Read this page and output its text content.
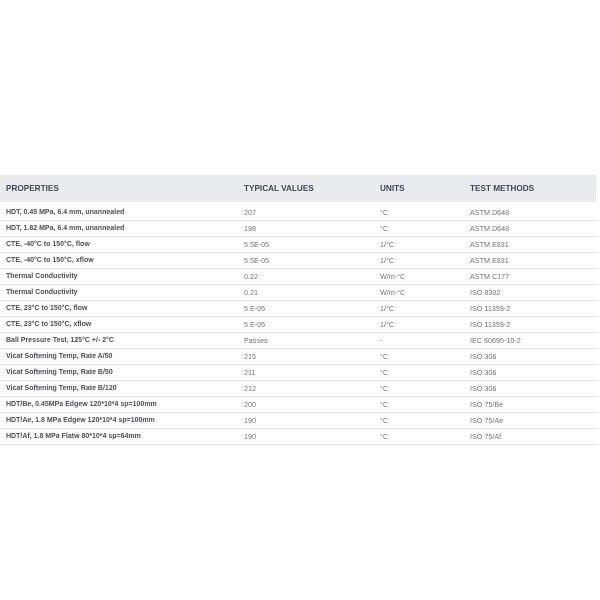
PROPERTIES	TYPICAL VALUES	UNITS	TEST METHODS
HDT, 0.45 MPa, 6.4 mm, unannealed	207	°C	ASTM D648
HDT, 1.82 MPa, 6.4 mm, unannealed	198	°C	ASTM D648
CTE, -40°C to 150°C, flow	5.5E-05	1/°C	ASTM E831
CTE, -40°C to 150°C, xflow	5.5E-05	1/°C	ASTM E831
Thermal Conductivity	0.22	W/m-°C	ASTM C177
Thermal Conductivity	0.21	W/m-°C	ISO 8302
CTE, 23°C to 150°C, flow	5.E-05	1/°C	ISO 11359-2
CTE, 23°C to 150°C, xflow	5.E-05	1/°C	ISO 11359-2
Ball Pressure Test, 125°C +/- 2°C	Passes	-	IEC 60695-10-2
Vicat Softening Temp, Rate A/50	215	°C	ISO 306
Vicat Softening Temp, Rate B/50	211	°C	ISO 306
Vicat Softening Temp, Rate B/120	212	°C	ISO 306
HDT/Be, 0.45MPa Edgew 120*10*4 sp=100mm	200	°C	ISO 75/Be
HDT/Ae, 1.8 MPa Edgew 120*10*4 sp=100mm	190	°C	ISO 75/Ae
HDT/Af, 1.8 MPa Flatw 80*10*4 sp=64mm	190	°C	ISO 75/Af
